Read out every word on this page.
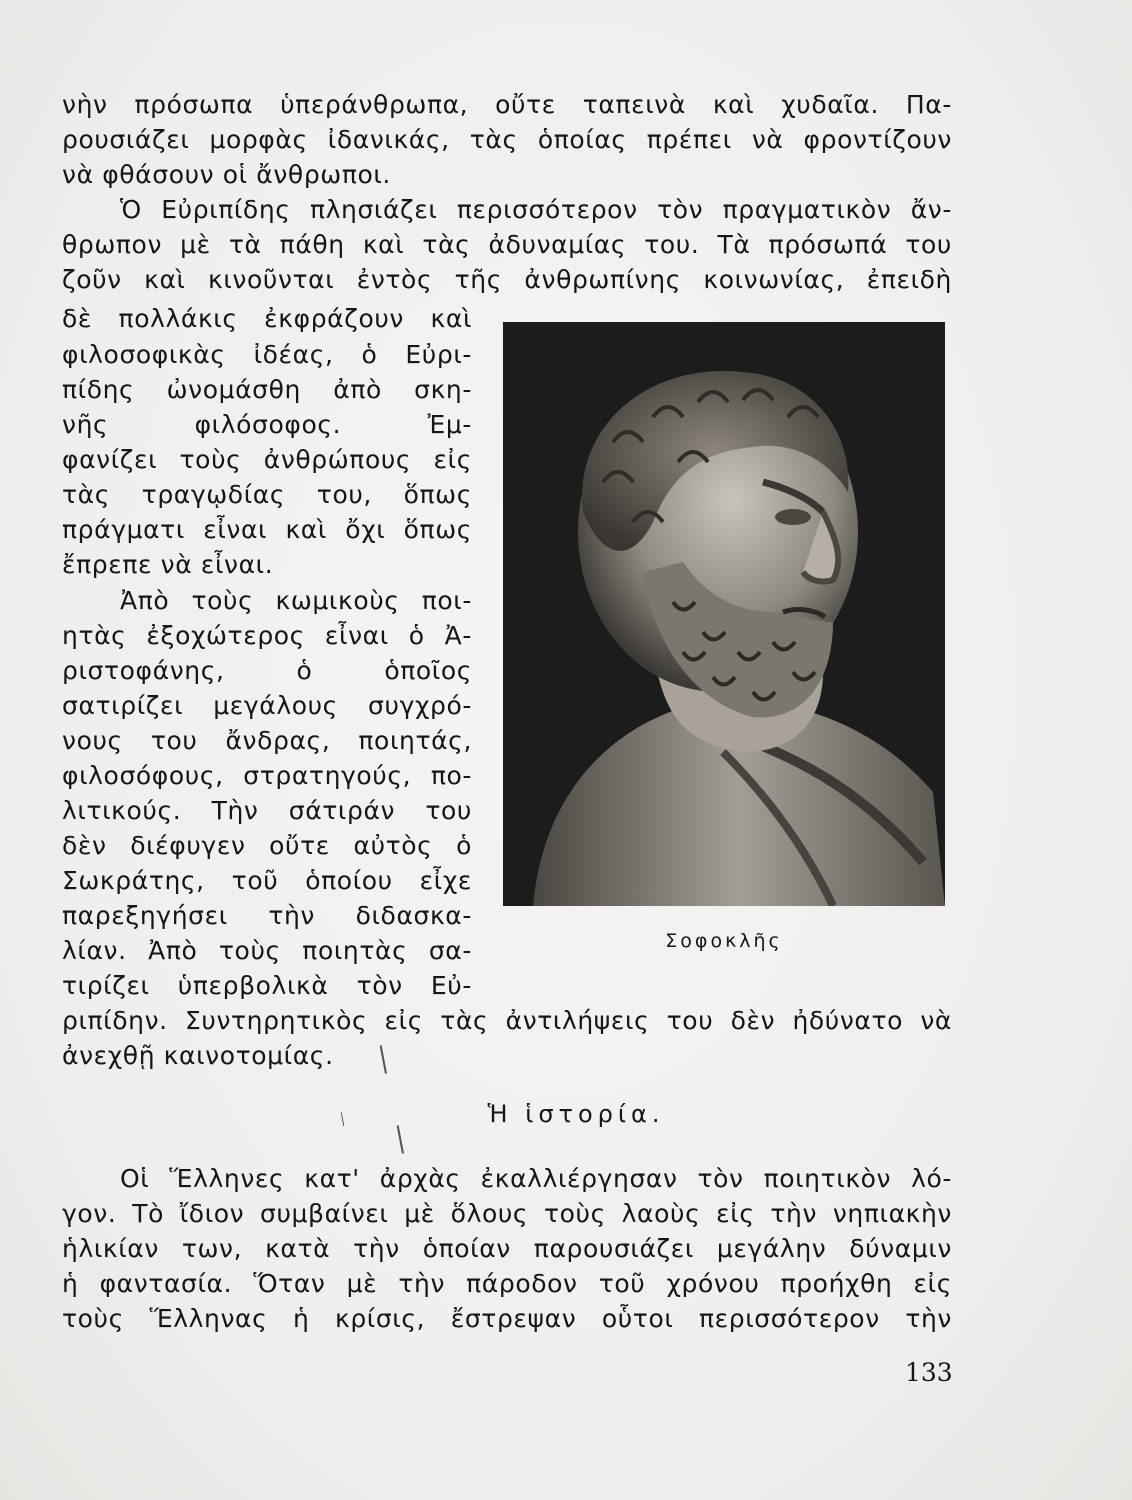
νὴν πρόσωπα ὑπεράνθρωπα, οὔτε ταπεινὰ καὶ χυδαῖα. Πα-
ρουσιάζει μορφὰς ἰδανικάς, τὰς ὁποίας πρέπει νὰ φροντίζουν
νὰ φθάσουν οἱ ἄνθρωποι.
Ὁ Εὐριπίδης πλησιάζει περισσότερον τὸν πραγματικὸν ἄν-
θρωπον μὲ τὰ πάθη καὶ τὰς ἀδυναμίας του. Τὰ πρόσωπά του
ζοῦν καὶ κινοῦνται ἐντὸς τῆς ἀνθρωπίνης κοινωνίας, ἐπειδὴ
δὲ πολλάκις ἐκφράζουν καὶ
φιλοσοφικὰς ἰδέας, ὁ Εὐρι-
πίδης ὠνομάσθη ἀπὸ σκη-
νῆς φιλόσοφος. Ἐμ-
φανίζει τοὺς ἀνθρώπους εἰς
τὰς τραγῳδίας του, ὅπως
πράγματι εἶναι καὶ ὄχι ὅπως
ἔπρεπε νὰ εἶναι.
Ἀπὸ τοὺς κωμικοὺς ποι-
ητὰς ἐξοχώτερος εἶναι ὁ Ἀ-
ριστοφάνης, ὁ ὁποῖος
σατιρίζει μεγάλους συγχρό-
νους του ἄνδρας, ποιητάς,
φιλοσόφους, στρατηγούς, πο-
λιτικούς. Τὴν σάτιράν του
δὲν διέφυγεν οὔτε αὐτὸς ὁ
Σωκράτης, τοῦ ὁποίου εἶχε
παρεξηγήσει τὴν διδασκα-
λίαν. Ἀπὸ τοὺς ποιητὰς σα-
τιρίζει ὑπερβολικὰ τὸν Εὐ-
ριπίδην. Συντηρητικὸς εἰς τὰς ἀντιλήψεις του δὲν ἠδύνατο νὰ
ἀνεχθῇ καινοτομίας.
Σοφοκλῆς
\
\
\	Ἡ ἱστορία.
Οἱ Ἕλληνες κατ' ἀρχὰς ἐκαλλιέργησαν τὸν ποιητικὸν λό-
γον. Τὸ ἴδιον συμβαίνει μὲ ὅλους τοὺς λαοὺς εἰς τὴν νηπιακὴν
ἡλικίαν των, κατὰ τὴν ὁποίαν παρουσιάζει μεγάλην δύναμιν
ἡ φαντασία. Ὅταν μὲ τὴν πάροδον τοῦ χρόνου προήχθη εἰς
τοὺς Ἕλληνας ἡ κρίσις, ἔστρεψαν οὗτοι περισσότερον τὴν
133
